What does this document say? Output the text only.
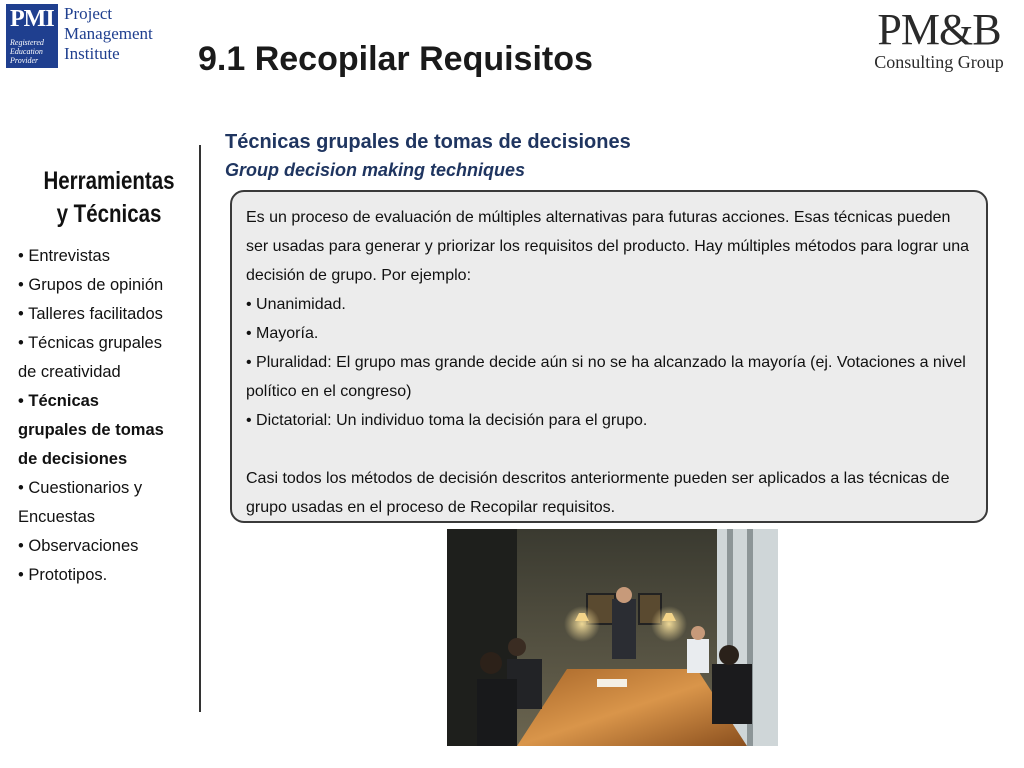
PMI
Registered
Education
Provider
Project
Management
Institute	PM&B
Consulting Group
9.1 Recopilar Requisitos
Herramientas
y Técnicas
• Entrevistas
• Grupos de opinión
• Talleres facilitados
• Técnicas grupales
de creatividad
• Técnicas
grupales de tomas
de decisiones
• Cuestionarios y
Encuestas
• Observaciones
• Prototipos.
Técnicas grupales de tomas de decisiones
Group decision making techniques

Es un proceso de evaluación de múltiples alternativas para futuras acciones. Esas técnicas pueden ser usadas para generar y priorizar los requisitos del producto. Hay múltiples métodos para lograr una decisión de grupo. Por ejemplo:

• Unanimidad.
• Mayoría.
• Pluralidad: El grupo mas grande decide aún si no se ha alcanzado la mayoría (ej. Votaciones a nivel político en el congreso)
• Dictatorial: Un individuo toma la decisión para el grupo.

Casi todos los métodos de decisión descritos anteriormente pueden ser aplicados a las técnicas de grupo usadas en el proceso de Recopilar requisitos.
